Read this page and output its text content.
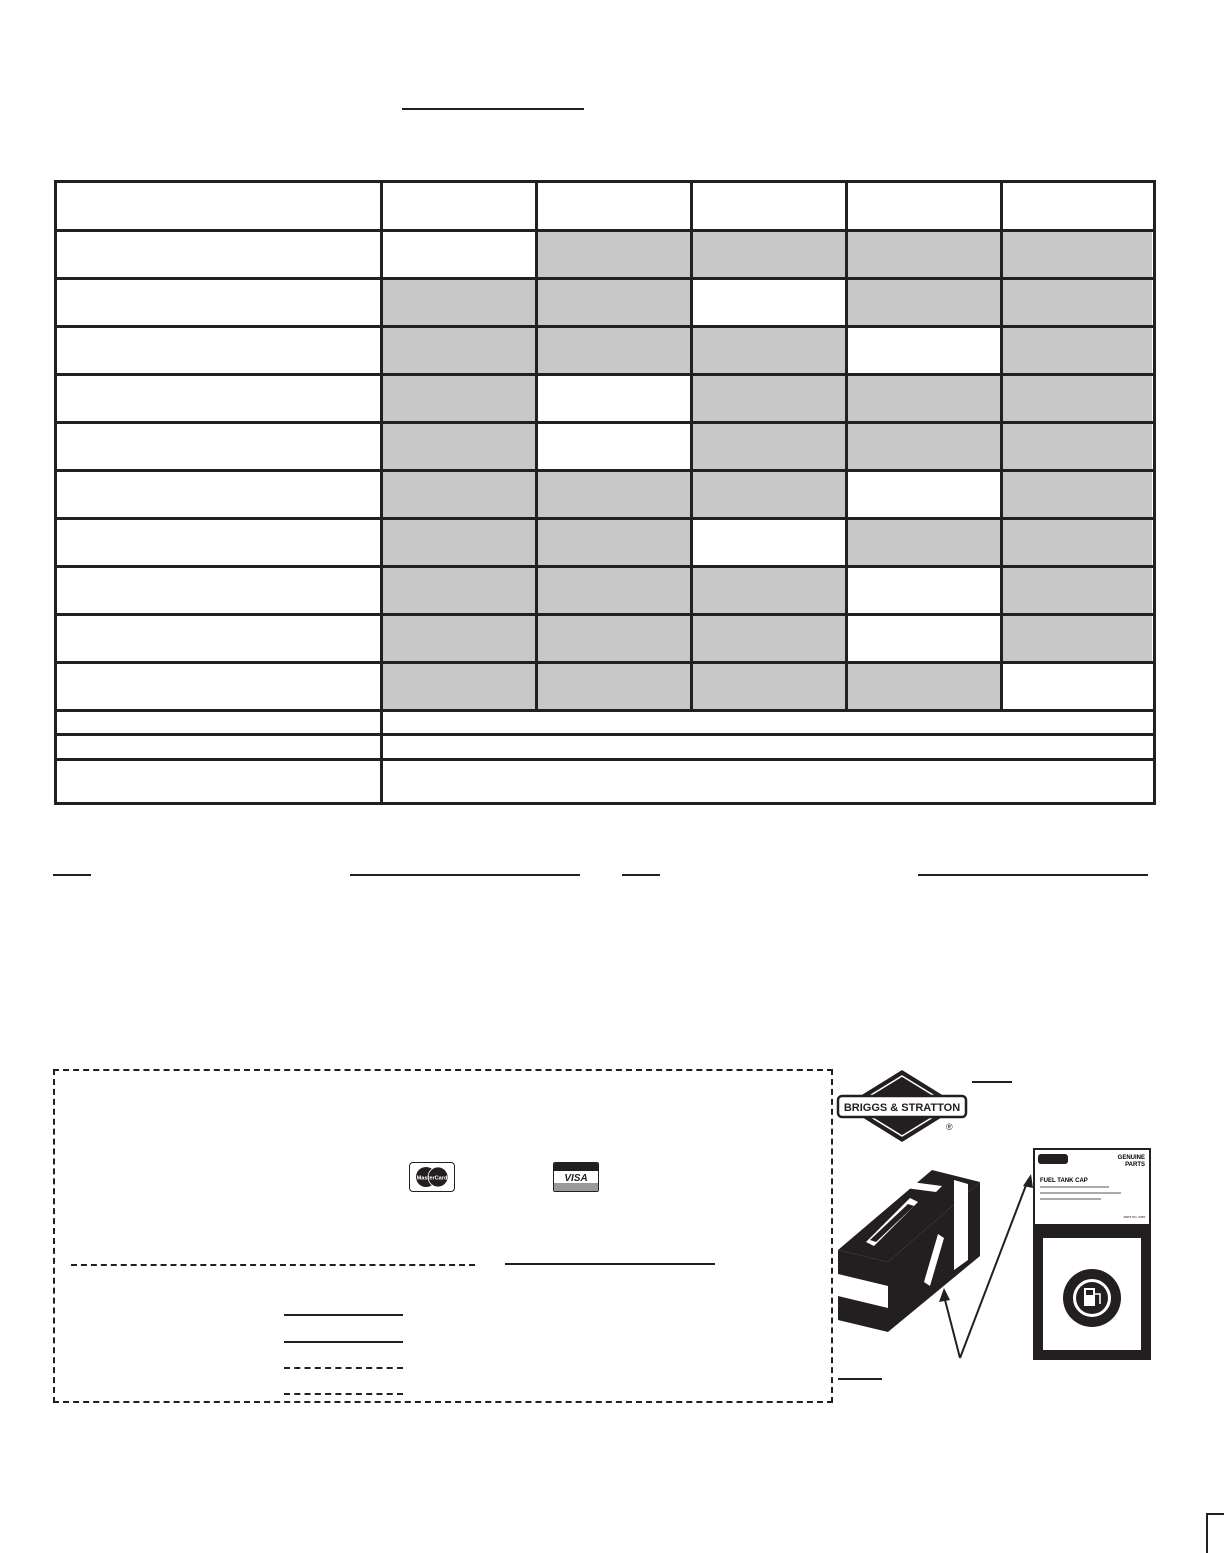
MasterCard	VISA
BRIGGS & STRATTON
®
GENUINE
PARTS
FUEL TANK CAP
PART NO. 2345
